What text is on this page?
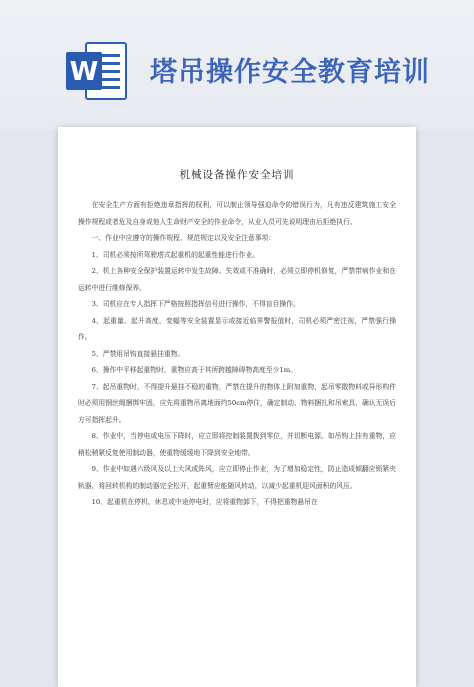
W 塔吊操作安全教育培训
机械设备操作安全培训

在安全生产方面有拒绝违章指挥的权利，可以制止领导强迫命令的错误行为，凡有违反建筑施工安全操作规程或者危及自身或他人生命财产安全的作业命令，从业人员可先说明理由后拒绝执行。

一、作业中应遵守的操作规程、规范规定以及安全注意事项：

1、司机必须按所驾驶塔式起重机的起重性能进行作业。

2、机上各种安全保护装置运转中发生故障、失效或不准确时，必须立即停机修复，严禁带病作业和在运转中进行维修保养。

3、司机应在专人指挥下严格按照指挥信号进行操作，不得盲目操作。

4、起重量、起升高度、变幅等安全装置显示或接近临界警报值时，司机必须严密注视，严禁强行操作。

5、严禁用吊钩直接悬挂重物。

6、操作中平移起重物时，重物应高于其所跨越障碍物高度至少1m。

7、起吊重物时，不得提升悬挂不稳的重物，严禁在提升的物体上附加重物，起吊零散物料或异形构件时必须用钢丝绳捆绑牢固，应先将重物吊离地面约50cm停住，确定制动、物料捆扎和吊索具，确认无误后方可指挥起升。

8、作业中，当停电或电压下降时，应立即将控制装置拨到零位，并切断电源。如吊钩上挂有重物，应稍松稍紧反复使用制动器，使重物缓缓地下降到安全地带。

9、作业中如遇六级风及以上大风或阵风，应立即停止作业，为了增加稳定性，防止造成倾翻应锁紧夹轨器，将回转机构的制动器完全松开，起重臂应能随风转动，以减少起重机迎风面积的风压。

10、起重机在停机、休息或中途停电时，应将重物卸下，不得把重物悬吊在
